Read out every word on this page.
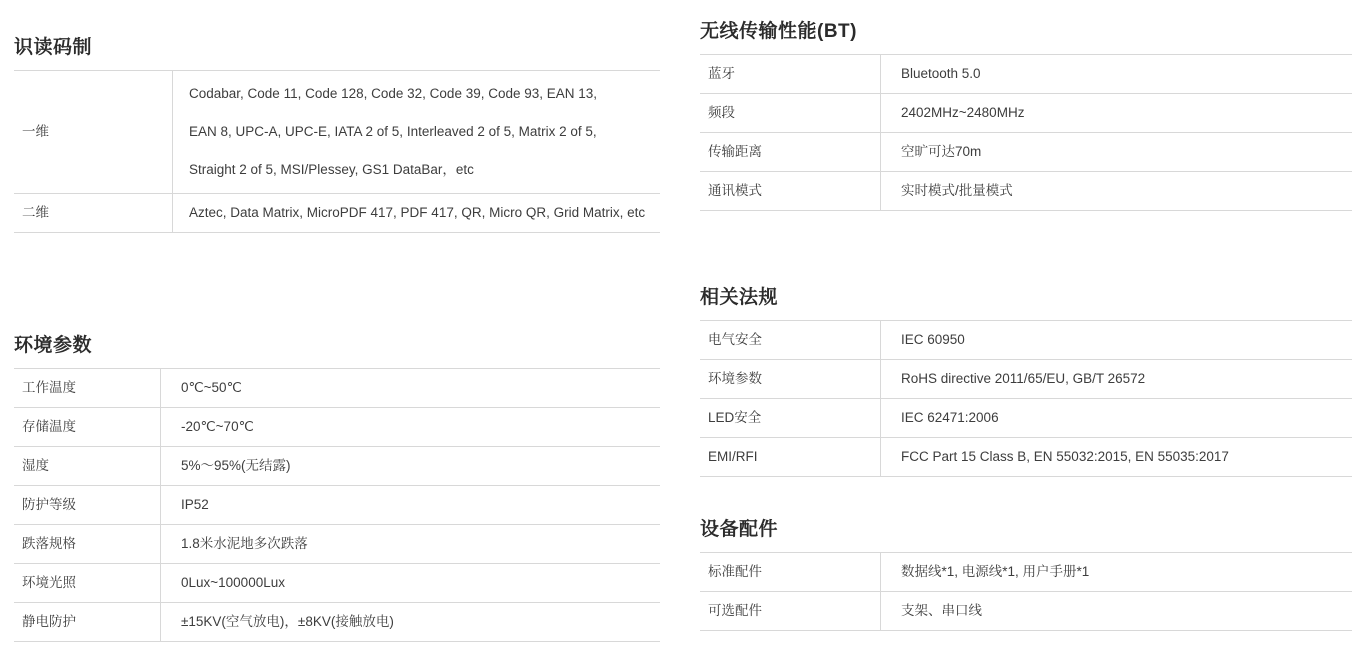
识读码制
一维	Codabar, Code 11, Code 128, Code 32, Code 39, Code 93, EAN 13,
EAN 8, UPC-A, UPC-E, IATA 2 of 5, Interleaved 2 of 5, Matrix 2 of 5,
Straight 2 of 5, MSI/Plessey, GS1 DataBar，etc

二维	Aztec, Data Matrix, MicroPDF 417, PDF 417, QR, Micro QR, Grid Matrix, etc
环境参数
工作温度	0℃~50℃
存储温度	-20℃~70℃
湿度	5%～95%(无结露)
防护等级	IP52
跌落规格	1.8米水泥地多次跌落
环境光照	0Lux~100000Lux
静电防护	±15KV(空气放电)，±8KV(接触放电)
无线传输性能(BT)
蓝牙	Bluetooth 5.0
频段	2402MHz~2480MHz
传输距离	空旷可达70m
通讯模式	实时模式/批量模式
相关法规
电气安全	IEC 60950
环境参数	RoHS directive 2011/65/EU, GB/T 26572
LED安全	IEC 62471:2006
EMI/RFI	FCC Part 15 Class B, EN 55032:2015, EN 55035:2017
设备配件
标准配件	数据线*1, 电源线*1, 用户手册*1
可选配件	支架、串口线
